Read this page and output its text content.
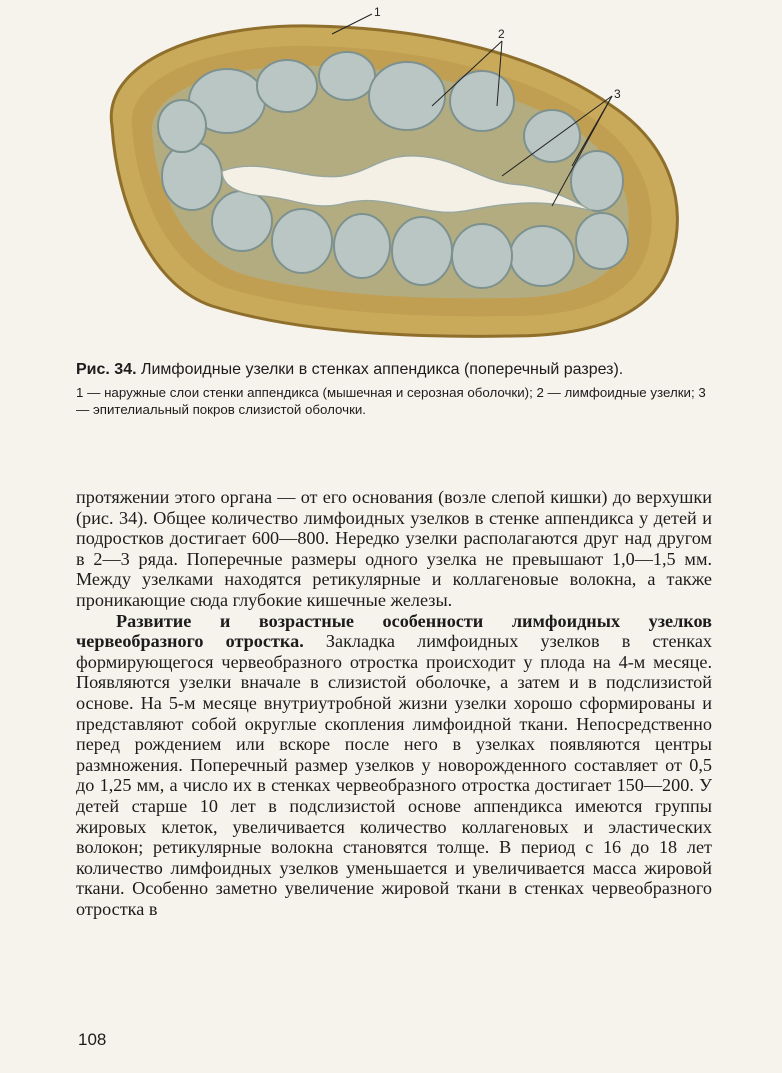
1
2
3

Рис. 34. Лимфоидные узелки в стенках аппендикса (поперечный разрез).

1 — наружные слои стенки аппендикса (мышечная и серозная оболочки); 2 — лимфоидные узелки; 3 — эпителиальный покров слизистой оболочки.

протяжении этого органа — от его основания (возле слепой кишки) до верхушки (рис. 34). Общее количество лимфоидных узелков в стенке аппендикса у детей и подростков достигает 600—800. Нередко узелки располагаются друг над другом в 2—3 ряда. Поперечные размеры одного узелка не превышают 1,0—1,5 мм. Между узелками находятся ретикулярные и коллагеновые волокна, а также проникающие сюда глубокие кишечные железы.

Развитие и возрастные особенности лимфоидных узелков червеобразного отростка. Закладка лимфоидных узелков в стенках формирующегося червеобразного отростка происходит у плода на 4-м месяце. Появляются узелки вначале в слизистой оболочке, а затем и в подслизистой основе. На 5-м месяце внутриутробной жизни узелки хорошо сформированы и представляют собой округлые скопления лимфоидной ткани. Непосредственно перед рождением или вскоре после него в узелках появляются центры размножения. Поперечный размер узелков у новорожденного составляет от 0,5 до 1,25 мм, а число их в стенках червеобразного отростка достигает 150—200. У детей старше 10 лет в подслизистой основе аппендикса имеются группы жировых клеток, увеличивается количество коллагеновых и эластических волокон; ретикулярные волокна становятся толще. В период с 16 до 18 лет количество лимфоидных узелков уменьшается и увеличивается масса жировой ткани. Особенно заметно увеличение жировой ткани в стенках червеобразного отростка в

108
